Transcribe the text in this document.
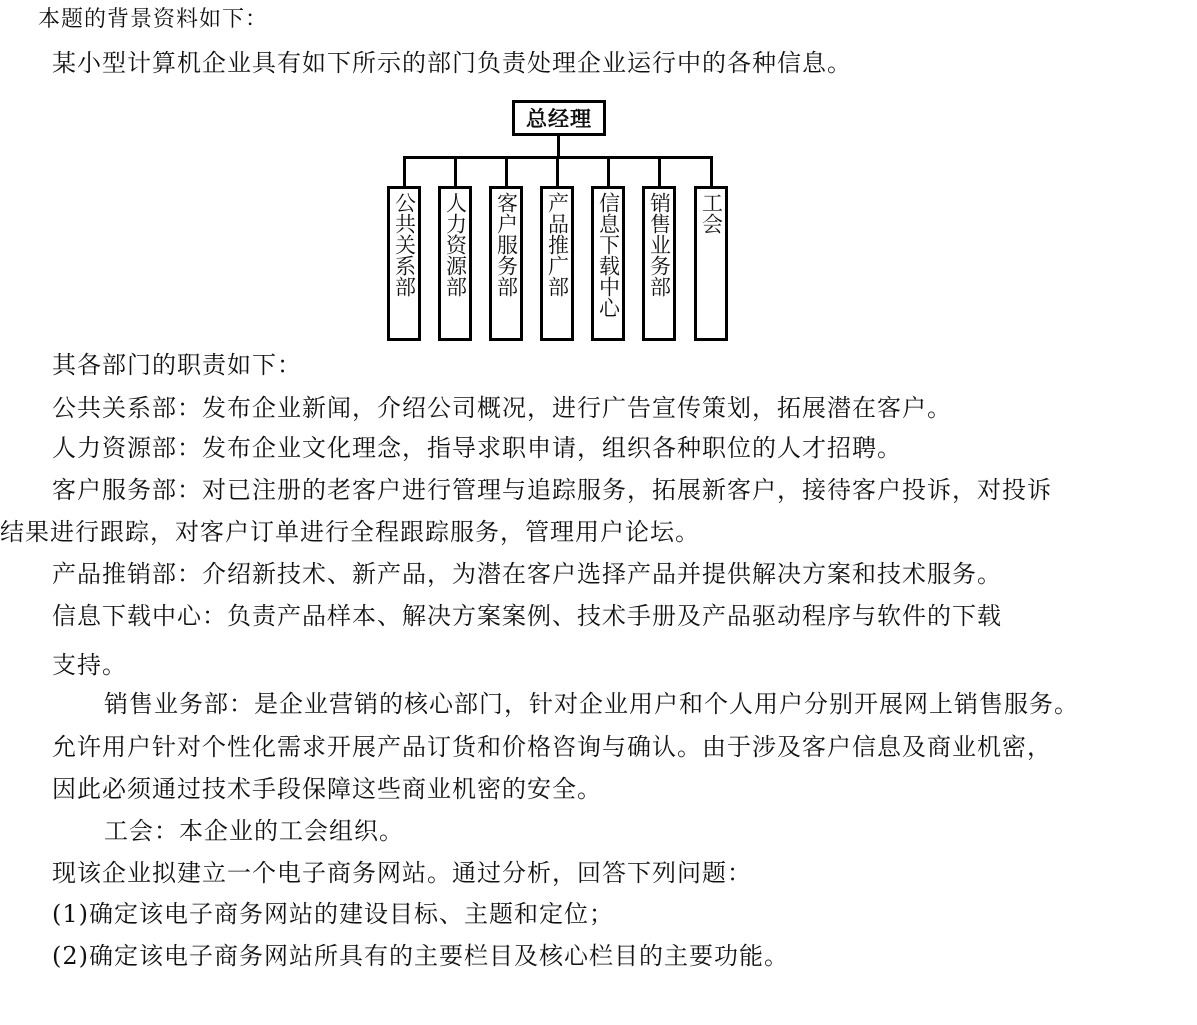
本题的背景资料如下：
某小型计算机企业具有如下所示的部门负责处理企业运行中的各种信息。
总经理
公共关系部 人力资源部 客户服务部 产品推广部 信息下载中心 销售业务部 工会
其各部门的职责如下：
公共关系部：发布企业新闻，介绍公司概况，进行广告宣传策划，拓展潜在客户。
人力资源部：发布企业文化理念，指导求职申请，组织各种职位的人才招聘。
客户服务部：对已注册的老客户进行管理与追踪服务，拓展新客户，接待客户投诉，对投诉
结果进行跟踪，对客户订单进行全程跟踪服务，管理用户论坛。
产品推销部：介绍新技术、新产品，为潜在客户选择产品并提供解决方案和技术服务。
信息下载中心：负责产品样本、解决方案案例、技术手册及产品驱动程序与软件的下载
支持。
销售业务部：是企业营销的核心部门，针对企业用户和个人用户分别开展网上销售服务。
允许用户针对个性化需求开展产品订货和价格咨询与确认。由于涉及客户信息及商业机密，
因此必须通过技术手段保障这些商业机密的安全。
工会：本企业的工会组织。
现该企业拟建立一个电子商务网站。通过分析，回答下列问题：
(1)确定该电子商务网站的建设目标、主题和定位；
(2)确定该电子商务网站所具有的主要栏目及核心栏目的主要功能。
